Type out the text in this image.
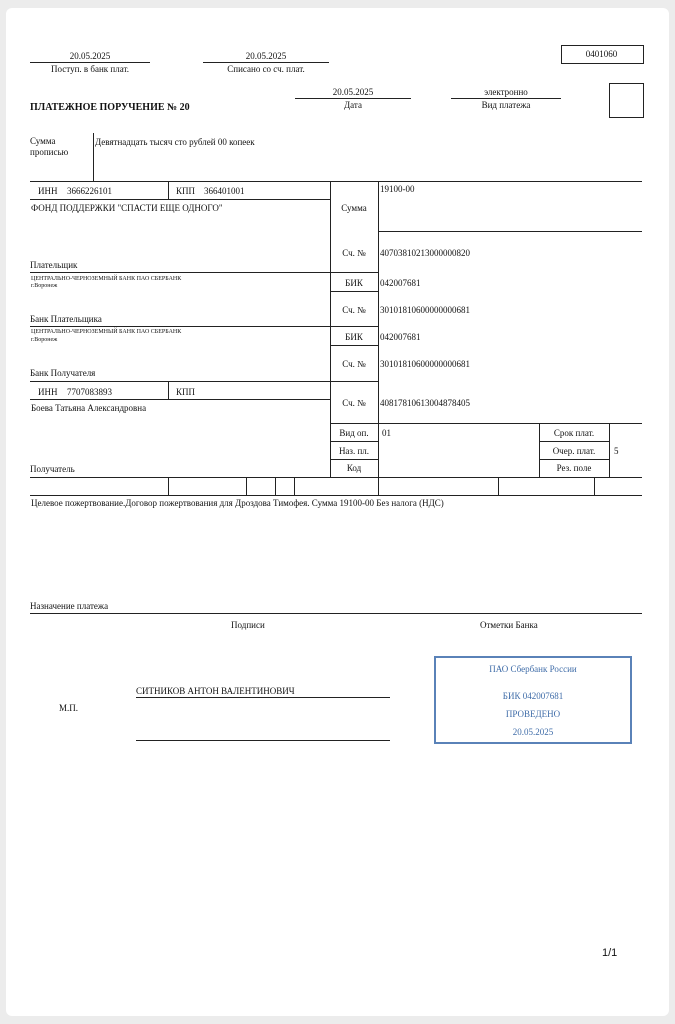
20.05.2025
Поступ. в банк плат.
20.05.2025
Списано со сч. плат.
0401060
ПЛАТЕЖНОЕ ПОРУЧЕНИЕ № 20
20.05.2025
Дата
электронно
Вид платежа
Сумма
прописью
Девятнадцать тысяч сто рублей 00 копеек
ИНН 3666226101	КПП 366401001
ФОНД ПОДДЕРЖКИ "СПАСТИ ЕЩЕ ОДНОГО"
Плательщик
ЦЕНТРАЛЬНО-ЧЕРНОЗЕМНЫЙ БАНК ПАО СБЕРБАНК
г.Воронеж
Банк Плательщика
ЦЕНТРАЛЬНО-ЧЕРНОЗЕМНЫЙ БАНК ПАО СБЕРБАНК
г.Воронеж
Банк Получателя
ИНН 7707083893	КПП
Боева Татьяна Александровна
Получатель
Сумма
19100-00
Сч. №	40703810213000000820
БИК	042007681
Сч. №	30101810600000000681
БИК	042007681
Сч. №	30101810600000000681
Сч. №	40817810613004878405
Вид оп.	01
Наз. пл.
Код
Срок плат.
Очер. плат.	5
Рез. поле
Целевое пожертвование.Договор пожертвования для Дроздова Тимофея. Сумма 19100-00 Без налога (НДС)
Назначение платежа
Подписи	Отметки Банка
СИТНИКОВ АНТОН ВАЛЕНТИНОВИЧ
М.П.
ПАО Сбербанк России
БИК 042007681
ПРОВЕДЕНО
20.05.2025
1/1
